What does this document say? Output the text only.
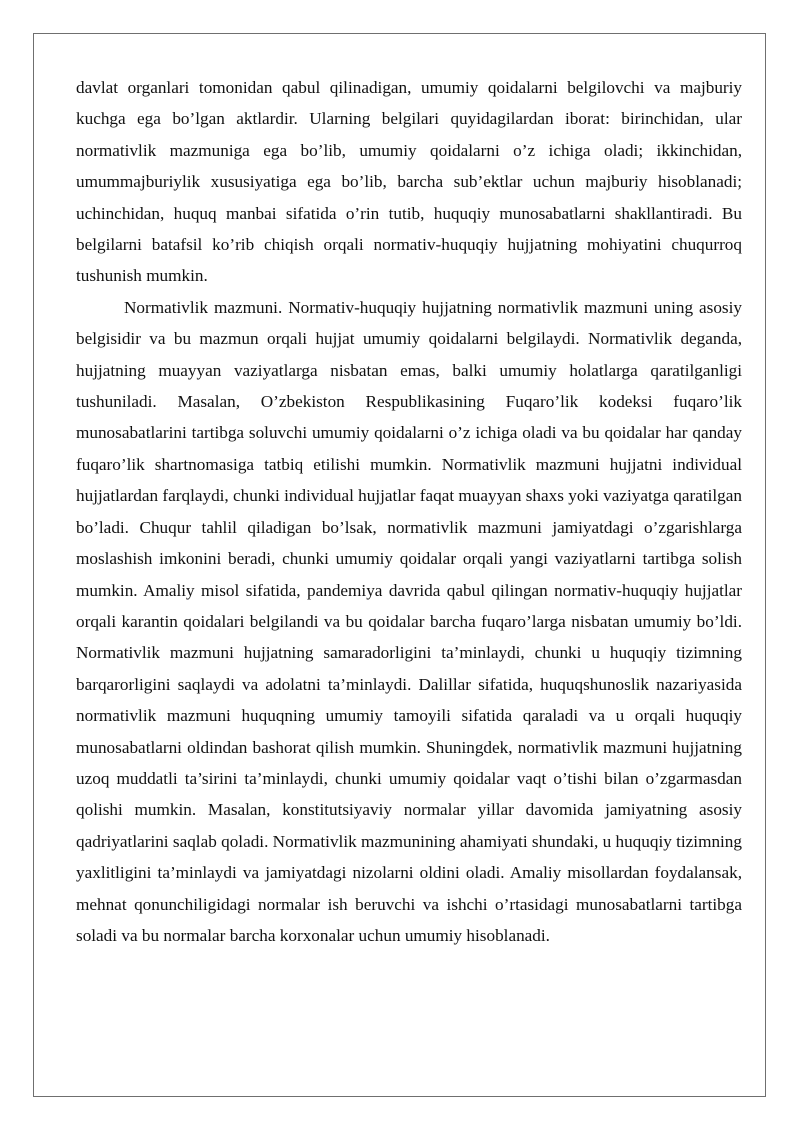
davlat organlari tomonidan qabul qilinadigan, umumiy qoidalarni belgilovchi va majburiy kuchga ega bo’lgan aktlardir. Ularning belgilari quyidagilardan iborat: birinchidan, ular normativlik mazmuniga ega bo’lib, umumiy qoidalarni o’z ichiga oladi; ikkinchidan, umummajburiylik xususiyatiga ega bo’lib, barcha sub’ektlar uchun majburiy hisoblanadi; uchinchidan, huquq manbai sifatida o’rin tutib, huquqiy munosabatlarni shakllantiradi. Bu belgilarni batafsil ko’rib chiqish orqali normativ-huquqiy hujjatning mohiyatini chuqurroq tushunish mumkin.

Normativlik mazmuni. Normativ-huquqiy hujjatning normativlik mazmuni uning asosiy belgisidir va bu mazmun orqali hujjat umumiy qoidalarni belgilaydi. Normativlik deganda, hujjatning muayyan vaziyatlarga nisbatan emas, balki umumiy holatlarga qaratilganligi tushuniladi. Masalan, O’zbekiston Respublikasining Fuqaro’lik kodeksi fuqaro’lik munosabatlarini tartibga soluvchi umumiy qoidalarni o’z ichiga oladi va bu qoidalar har qanday fuqaro’lik shartnomasiga tatbiq etilishi mumkin. Normativlik mazmuni hujjatni individual hujjatlardan farqlaydi, chunki individual hujjatlar faqat muayyan shaxs yoki vaziyatga qaratilgan bo’ladi. Chuqur tahlil qiladigan bo’lsak, normativlik mazmuni jamiyatdagi o’zgarishlarga moslashish imkonini beradi, chunki umumiy qoidalar orqali yangi vaziyatlarni tartibga solish mumkin. Amaliy misol sifatida, pandemiya davrida qabul qilingan normativ-huquqiy hujjatlar orqali karantin qoidalari belgilandi va bu qoidalar barcha fuqaro’larga nisbatan umumiy bo’ldi. Normativlik mazmuni hujjatning samaradorligini ta’minlaydi, chunki u huquqiy tizimning barqarorligini saqlaydi va adolatni ta’minlaydi. Dalillar sifatida, huquqshunoslik nazariyasida normativlik mazmuni huquqning umumiy tamoyili sifatida qaraladi va u orqali huquqiy munosabatlarni oldindan bashorat qilish mumkin. Shuningdek, normativlik mazmuni hujjatning uzoq muddatli ta’sirini ta’minlaydi, chunki umumiy qoidalar vaqt o’tishi bilan o’zgarmasdan qolishi mumkin. Masalan, konstitutsiyaviy normalar yillar davomida jamiyatning asosiy qadriyatlarini saqlab qoladi. Normativlik mazmunining ahamiyati shundaki, u huquqiy tizimning yaxlitligini ta’minlaydi va jamiyatdagi nizolarni oldini oladi. Amaliy misollardan foydalansak, mehnat qonunchiligidagi normalar ish beruvchi va ishchi o’rtasidagi munosabatlarni tartibga soladi va bu normalar barcha korxonalar uchun umumiy hisoblanadi.
